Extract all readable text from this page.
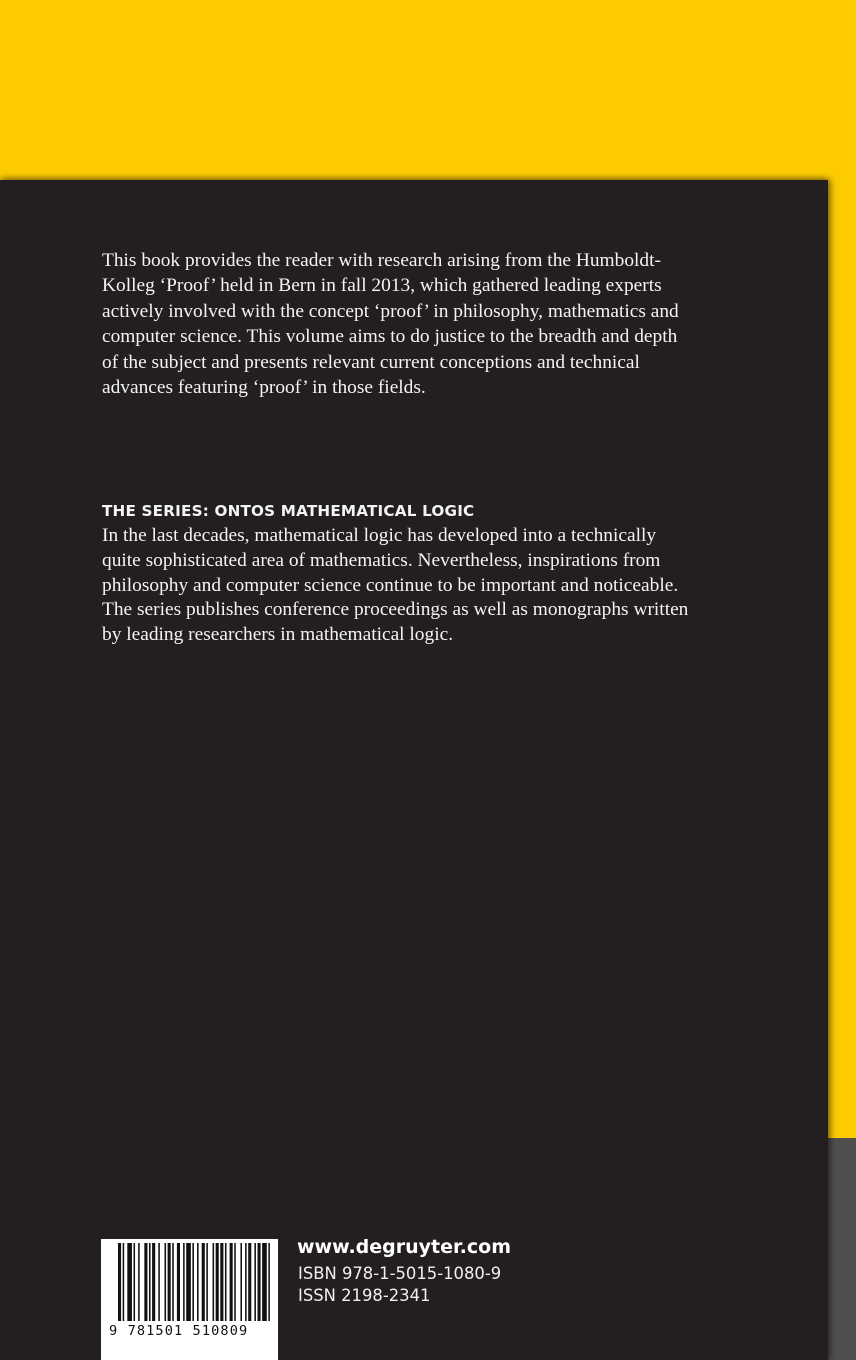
This book provides the reader with research arising from the Humboldt-
Kolleg ‘Proof’ held in Bern in fall 2013, which gathered leading experts
actively involved with the concept ‘proof’ in philosophy, mathematics and
computer science. This volume aims to do justice to the breadth and depth
of the subject and presents relevant current conceptions and technical
advances featuring ‘proof’ in those fields.

THE SERIES: ONTOS MATHEMATICAL LOGIC

In the last decades, mathematical logic has developed into a technically
quite sophisticated area of mathematics. Nevertheless, inspirations from
philosophy and computer science continue to be important and noticeable.
The series publishes conference proceedings as well as monographs written
by leading researchers in mathematical logic.

9 781501 510809
www.degruyter.com
ISBN 978-1-5015-1080-9
ISSN 2198-2341
